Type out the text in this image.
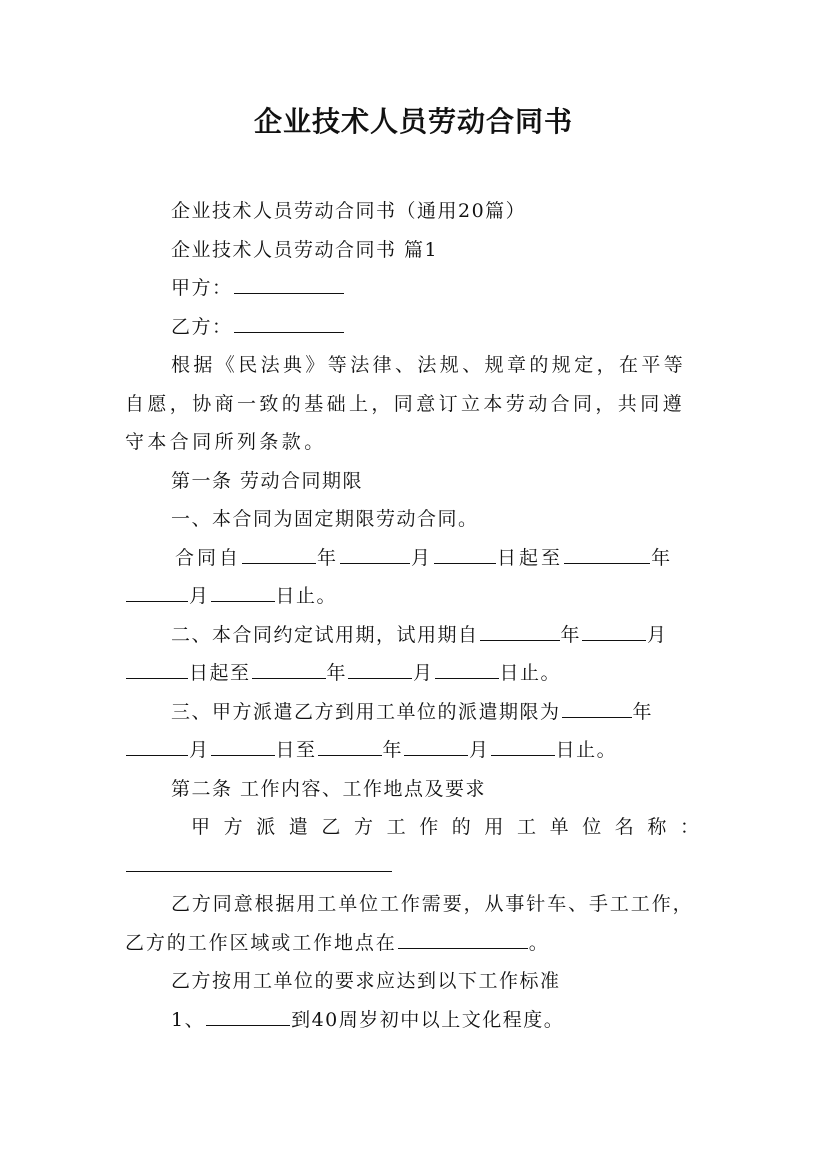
企业技术人员劳动合同书

企业技术人员劳动合同书（通用20篇）

企业技术人员劳动合同书 篇1

甲方：

乙方：

根据《民法典》等法律、法规、规章的规定，在平等自愿，协商一致的基础上，同意订立本劳动合同，共同遵守本合同所列条款。

第一条 劳动合同期限

一、本合同为固定期限劳动合同。

合同自	年	月	日起至	年

月	日止。

二、本合同约定试用期，试用期自	年	月

日起至	年	月	日止。

三、甲方派遣乙方到用工单位的派遣期限为	年

月	日至	年	月	日止。

第二条 工作内容、工作地点及要求

甲方派遣乙方工作的用工单位名称：

乙方同意根据用工单位工作需要，从事针车、手工工作，乙方的工作区域或工作地点在	。

乙方按用工单位的要求应达到以下工作标准

1、	到40周岁初中以上文化程度。
